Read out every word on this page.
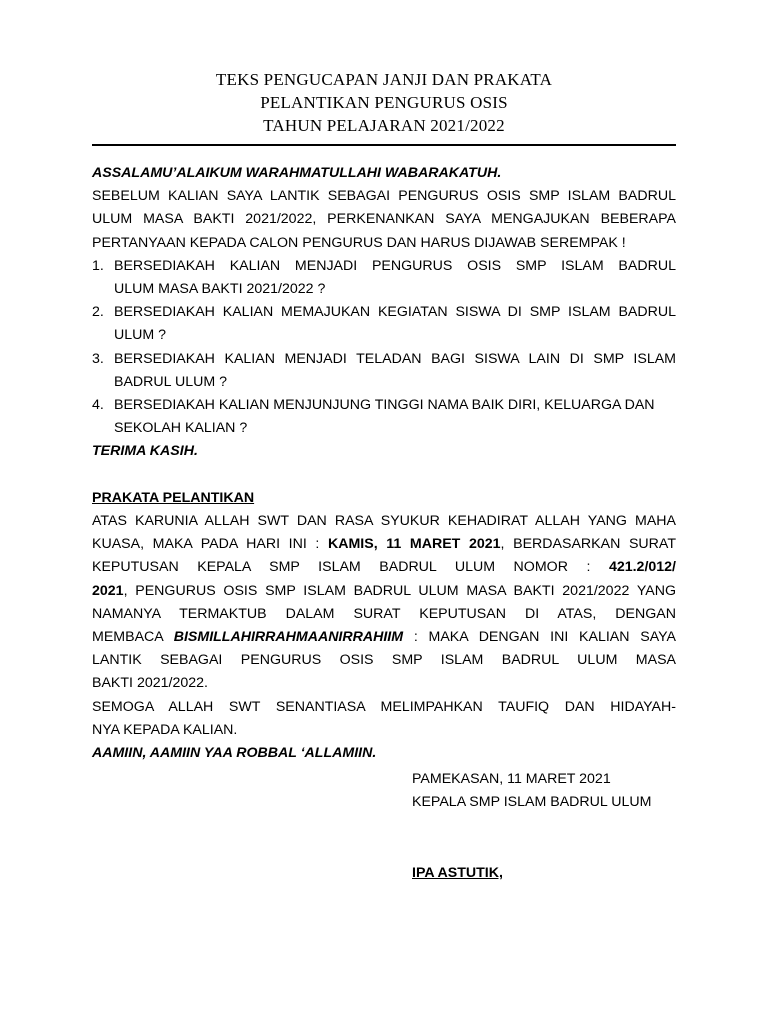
TEKS PENGUCAPAN JANJI DAN PRAKATA
PELANTIKAN PENGURUS OSIS
TAHUN PELAJARAN 2021/2022
ASSALAMU’ALAIKUM WARAHMATULLAHI WABARAKATUH.
SEBELUM KALIAN SAYA LANTIK SEBAGAI PENGURUS OSIS SMP ISLAM BADRUL
ULUM MASA BAKTI 2021/2022, PERKENANKAN SAYA MENGAJUKAN BEBERAPA
PERTANYAAN KEPADA CALON PENGURUS DAN HARUS DIJAWAB SEREMPAK !
1. BERSEDIAKAH KALIAN MENJADI PENGURUS OSIS SMP ISLAM BADRUL
ULUM MASA BAKTI 2021/2022 ?
2. BERSEDIAKAH KALIAN MEMAJUKAN KEGIATAN SISWA DI SMP ISLAM BADRUL
ULUM ?
3. BERSEDIAKAH KALIAN MENJADI TELADAN BAGI SISWA LAIN DI SMP ISLAM
BADRUL ULUM ?
4. BERSEDIAKAH KALIAN MENJUNJUNG TINGGI NAMA BAIK DIRI, KELUARGA DAN
SEKOLAH KALIAN ?
TERIMA KASIH.
PRAKATA PELANTIKAN
ATAS KARUNIA ALLAH SWT DAN RASA SYUKUR KEHADIRAT ALLAH YANG MAHA
KUASA, MAKA PADA HARI INI : KAMIS, 11 MARET 2021, BERDASARKAN SURAT
KEPUTUSAN KEPALA SMP ISLAM BADRUL ULUM NOMOR : 421.2/012/
2021, PENGURUS OSIS SMP ISLAM BADRUL ULUM MASA BAKTI 2021/2022 YANG
NAMANYA TERMAKTUB DALAM SURAT KEPUTUSAN DI ATAS, DENGAN
MEMBACA BISMILLAHIRRAHMAANIRRAHIIM : MAKA DENGAN INI KALIAN SAYA
LANTIK SEBAGAI PENGURUS OSIS SMP ISLAM BADRUL ULUM MASA
BAKTI 2021/2022.
SEMOGA ALLAH SWT SENANTIASA MELIMPAHKAN TAUFIQ DAN HIDAYAH-
NYA KEPADA KALIAN.
AAMIIN, AAMIIN YAA ROBBAL ‘ALLAMIIN.
PAMEKASAN, 11 MARET 2021
KEPALA SMP ISLAM BADRUL ULUM
IPA ASTUTIK,
